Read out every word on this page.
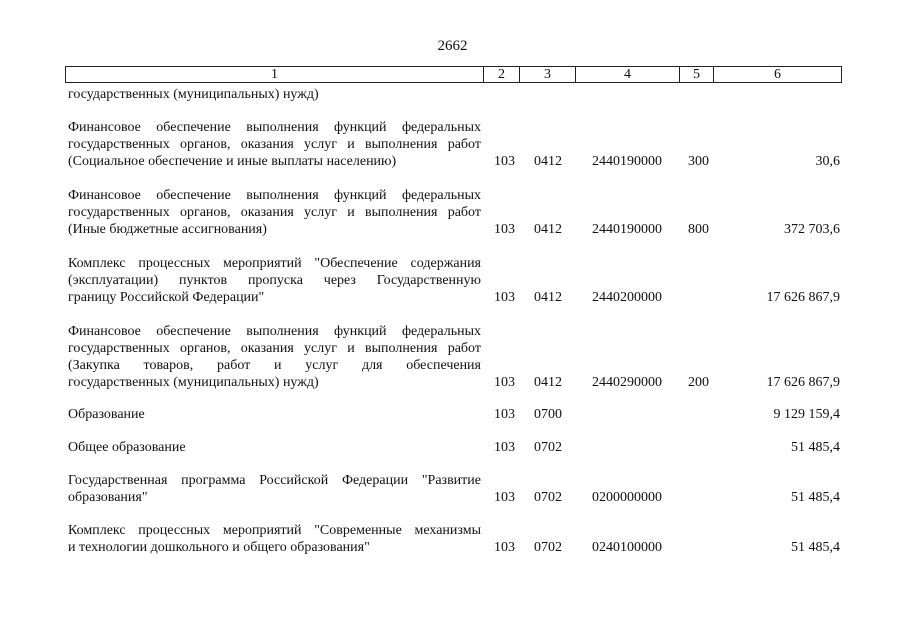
2662
1	2	3	4	5	6
государственных (муниципальных) нужд)
Финансовое обеспечение выполнения функций федеральных
государственных органов, оказания услуг и выполнения работ
(Социальное обеспечение и иные выплаты населению)	103 0412 2440190000 300	30,6
Финансовое обеспечение выполнения функций федеральных
государственных органов, оказания услуг и выполнения работ
(Иные бюджетные ассигнования)	103 0412 2440190000 800	372 703,6
Комплекс процессных мероприятий "Обеспечение содержания
(эксплуатации) пунктов пропуска через Государственную
границу Российской Федерации"	103 0412 2440200000	17 626 867,9
Финансовое обеспечение выполнения функций федеральных
государственных органов, оказания услуг и выполнения работ
(Закупка товаров, работ и услуг для обеспечения
государственных (муниципальных) нужд)	103 0412 2440290000 200	17 626 867,9
Образование	103 0700	9 129 159,4
Общее образование	103 0702	51 485,4
Государственная программа Российской Федерации "Развитие
образования"	103 0702 0200000000	51 485,4
Комплекс процессных мероприятий "Современные механизмы
и технологии дошкольного и общего образования"	103 0702 0240100000	51 485,4
